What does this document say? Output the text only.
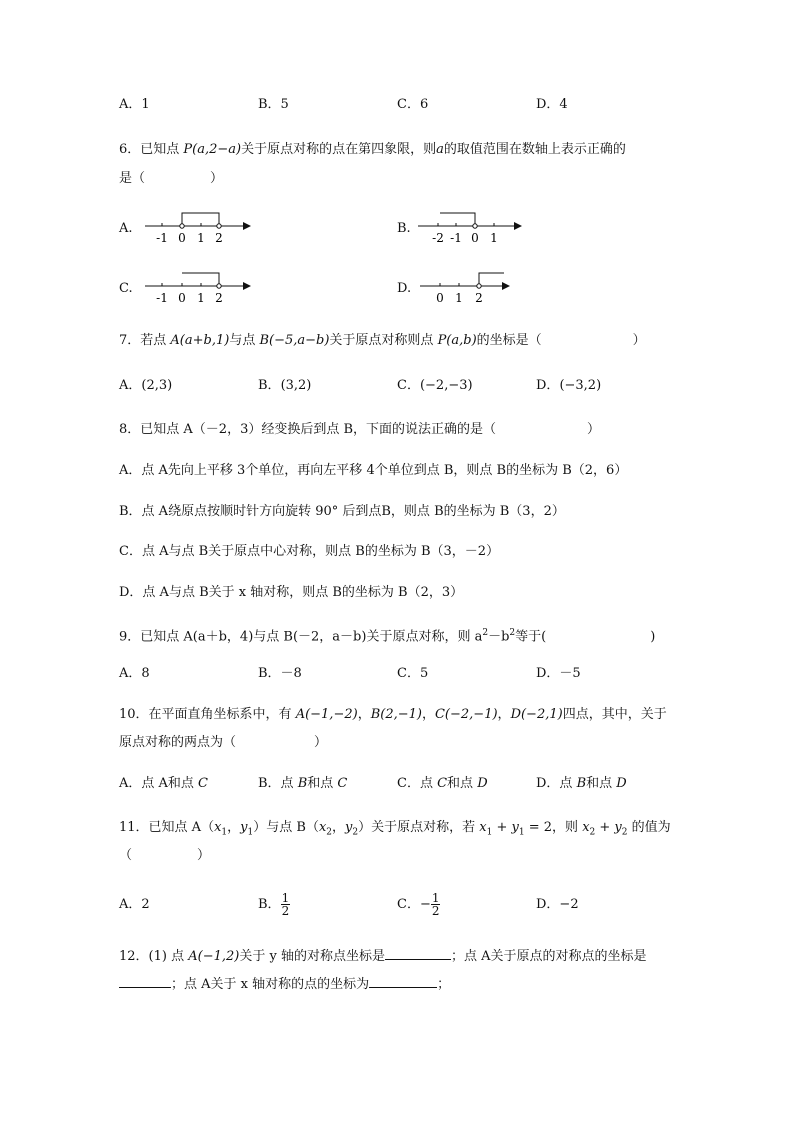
A．1	B．5	C．6	D．4
6．已知点 P(a,2−a)关于原点对称的点在第四象限，则a的取值范围在数轴上表示正确的
是（　　　　　）
A.
-1 0 1 2
B.
-2 -1 0 1
C.
-1 0 1 2
D.
0 1 2
7．若点 A(a+b,1)与点 B(−5,a−b)关于原点对称则点 P(a,b)的坐标是（　　　　　　　）
A．(2,3)	B．(3,2)	C．(−2,−3)	D．(−3,2)
8．已知点 A（－2，3）经变换后到点 B，下面的说法正确的是（　　　　　　　）
A．点 A先向上平移 3个单位，再向左平移 4个单位到点 B，则点 B的坐标为 B（2，6）
B．点 A绕原点按顺时针方向旋转 90° 后到点B，则点 B的坐标为 B（3，2）
C．点 A与点 B关于原点中心对称，则点 B的坐标为 B（3，－2）
D．点 A与点 B关于 x 轴对称，则点 B的坐标为 B（2，3）
9．已知点 A(a＋b，4)与点 B(－2，a－b)关于原点对称，则 $a^2-b^2$等于(　　　　　　　　)
A．8	B．－8	C．5	D．－5
10．在平面直角坐标系中，有 A(−1,−2)，B(2,−1)，C(−2,−1)，D(−2,1)四点，其中，关于
原点对称的两点为（　　　　　　）
A．点 A和点 C	B．点 B和点 C	C．点 C和点 D	D．点 B和点 D
11．已知点 $A(x_1$，$y_1$）与点 $B(x_2$，$y_2$）关于原点对称，若 $x_1 + y_1 = 2$，则 $x_2 + y_2$ 的值为
（　　　　　）
A．2	B． $\frac{1}{2}$	C．− $\frac{1}{2}$	D．−2
12．(1) 点 A(−1,2)关于 y 轴的对称点坐标是	；点 A关于原点的对称点的坐标是
；点 A关于 x 轴对称的点的坐标为	；
